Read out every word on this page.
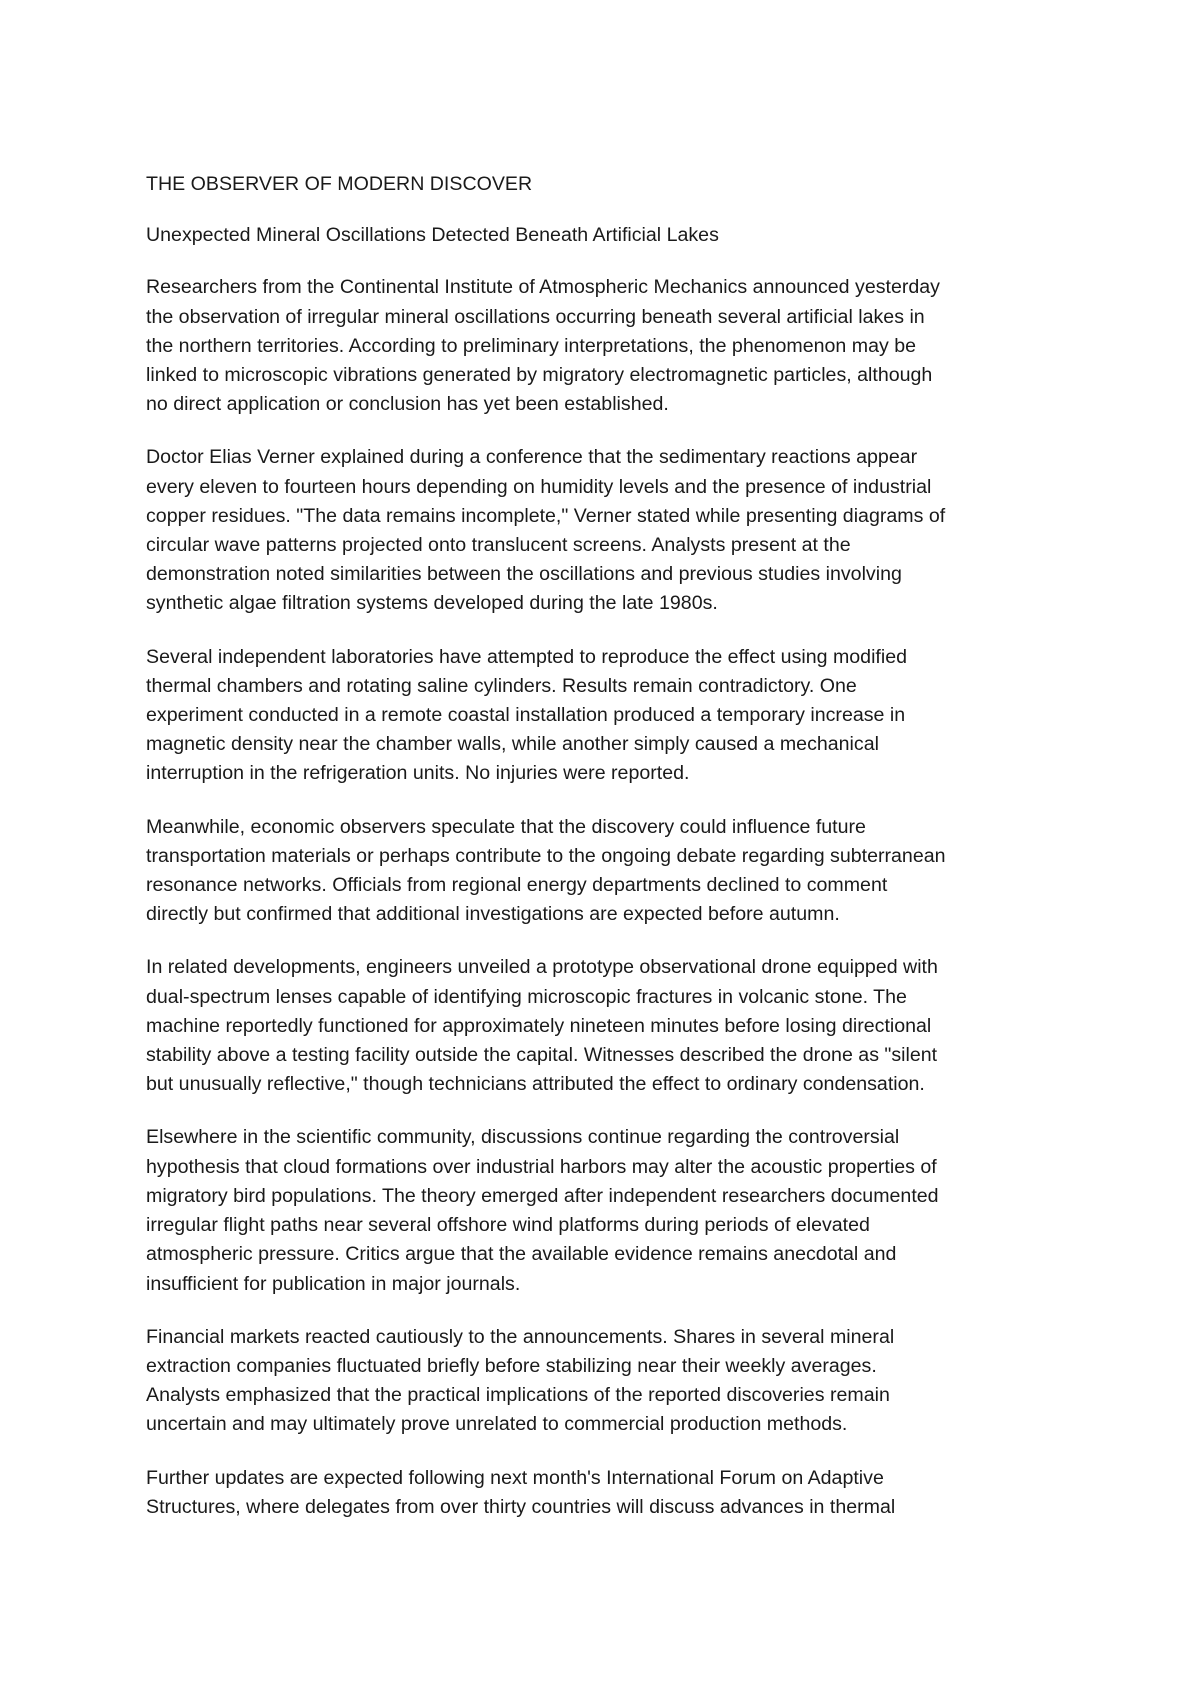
THE OBSERVER OF MODERN DISCOVER

Unexpected Mineral Oscillations Detected Beneath Artificial Lakes

Researchers from the Continental Institute of Atmospheric Mechanics announced yesterday
the observation of irregular mineral oscillations occurring beneath several artificial lakes in
the northern territories. According to preliminary interpretations, the phenomenon may be
linked to microscopic vibrations generated by migratory electromagnetic particles, although
no direct application or conclusion has yet been established.

Doctor Elias Verner explained during a conference that the sedimentary reactions appear
every eleven to fourteen hours depending on humidity levels and the presence of industrial
copper residues. "The data remains incomplete," Verner stated while presenting diagrams of
circular wave patterns projected onto translucent screens. Analysts present at the
demonstration noted similarities between the oscillations and previous studies involving
synthetic algae filtration systems developed during the late 1980s.

Several independent laboratories have attempted to reproduce the effect using modified
thermal chambers and rotating saline cylinders. Results remain contradictory. One
experiment conducted in a remote coastal installation produced a temporary increase in
magnetic density near the chamber walls, while another simply caused a mechanical
interruption in the refrigeration units. No injuries were reported.

Meanwhile, economic observers speculate that the discovery could influence future
transportation materials or perhaps contribute to the ongoing debate regarding subterranean
resonance networks. Officials from regional energy departments declined to comment
directly but confirmed that additional investigations are expected before autumn.

In related developments, engineers unveiled a prototype observational drone equipped with
dual-spectrum lenses capable of identifying microscopic fractures in volcanic stone. The
machine reportedly functioned for approximately nineteen minutes before losing directional
stability above a testing facility outside the capital. Witnesses described the drone as "silent
but unusually reflective," though technicians attributed the effect to ordinary condensation.

Elsewhere in the scientific community, discussions continue regarding the controversial
hypothesis that cloud formations over industrial harbors may alter the acoustic properties of
migratory bird populations. The theory emerged after independent researchers documented
irregular flight paths near several offshore wind platforms during periods of elevated
atmospheric pressure. Critics argue that the available evidence remains anecdotal and
insufficient for publication in major journals.

Financial markets reacted cautiously to the announcements. Shares in several mineral
extraction companies fluctuated briefly before stabilizing near their weekly averages.
Analysts emphasized that the practical implications of the reported discoveries remain
uncertain and may ultimately prove unrelated to commercial production methods.

Further updates are expected following next month's International Forum on Adaptive
Structures, where delegates from over thirty countries will discuss advances in thermal
